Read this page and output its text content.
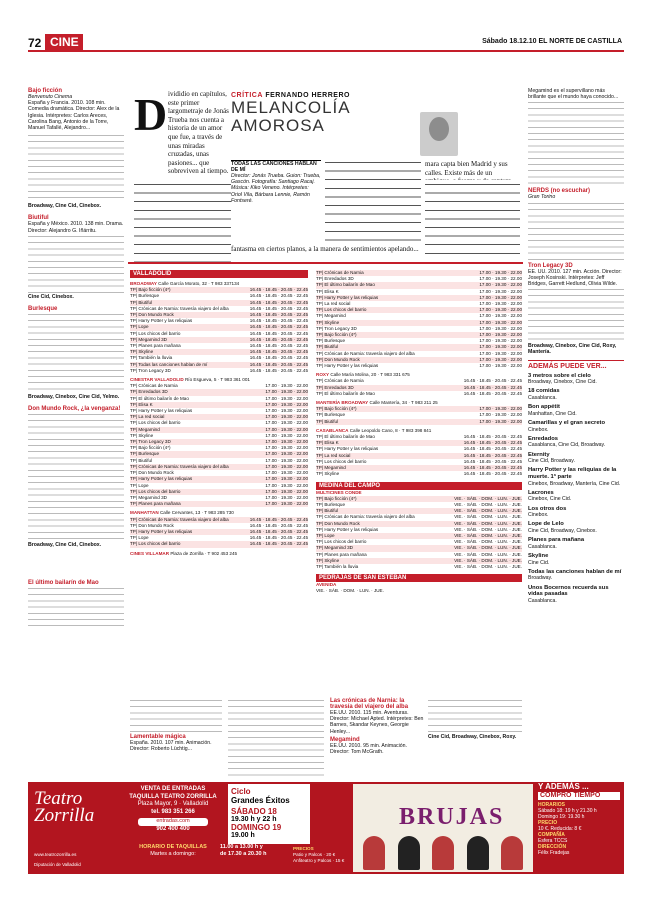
72 CINE	Sábado 18.12.10 EL NORTE DE CASTILLA
Bajo ficción
Benvenuto Cinema
España y Francia. 2010. 108 min. Comedia dramática. Director: Alex de la Iglesia. Intérpretes: Carlos Areces, Carolina Bang, Antonio de la Torre, Manuel Tafallé, Alejandro...
Broadway, Cine Cid, Cinebox.
Biutiful
España y México. 2010. 138 min. Drama. Director: Alejandro G. Iñárritu.
Cine Cid, Cinebox.
Burlesque
Broadway, Cinebox, Cine Cid, Yelmo.
Don Mundo Rock, ¿la venganza!
Broadway, Cine Cid, Cinebox.
El último bailarín de Mao
D ivididio en capítulos, este primer largometraje de Jonás Trueba nos cuenta a historia de un amor que fue, a través de unas miradas cruzadas, unas pasiones... que sobreviven al tiempo.
CRÍTICA FERNANDO HERRERO
MELANCOLÍA
AMOROSA
TODAS LAS CANCIONES HABLAN DE MÍ
Director: Jonás Trueba. Guion: Trueba, Gascón. Fotografía: Santiago Racaj. Música: Kiko Veneno. Intérpretes: Oriol Vila, Bárbara Lennie, Ramón Fontseré.
fantasma en ciertos planos, a la manera de sentimientos apelando...
mara capta bien Madrid y sus calles. Existe más de un
VALLADOLID
BROADWAY Calle García Morato, 32 · T 983 337134
TP| Bajo ficción (4*)	16.45 · 18.45 · 20.45 · 22.45
TP| Burlesque	16.45 · 18.45 · 20.45 · 22.45
TP| Biutiful	16.45 · 18.45 · 20.45 · 22.45
TP| Crónicas de Narnia: travesía viajero del alba	16.45 · 18.45 · 20.45 · 22.45
TP| Don Mundo Rock	16.45 · 18.45 · 20.45 · 22.45
TP| Harry Potter y las reliquias	16.45 · 18.45 · 20.45 · 22.45
TP| Lope	16.45 · 18.45 · 20.45 · 22.45
TP| Los chicos del barrio	16.45 · 18.45 · 20.45 · 22.45
TP| Megamind 3D	16.45 · 18.45 · 20.45 · 22.45
TP| Planes para mañana	16.45 · 18.45 · 20.45 · 22.45
TP| Skyline	16.45 · 18.45 · 20.45 · 22.45
TP| También la lluvia	16.45 · 18.45 · 20.45 · 22.45
TP| Todas las canciones hablan de mí	16.45 · 18.45 · 20.45 · 22.45
TP| Tron Legacy 3D	16.45 · 18.45 · 20.45 · 22.45
CINESTAR VALLADOLID Río Esgueva, 5 · T 983 361 001
TP| Crónicas de Narnia	17.00 · 19.30 · 22.00
TP| Enredados 3D	17.00 · 19.30 · 22.00
TP| El último bailarín de Mao	17.00 · 19.30 · 22.00
TP| Elisa K	17.00 · 19.30 · 22.00
TP| Harry Potter y las reliquias	17.00 · 19.30 · 22.00
TP| La red social	17.00 · 19.30 · 22.00
TP| Los chicos del barrio	17.00 · 19.30 · 22.00
TP| Megamind	17.00 · 19.30 · 22.00
TP| Skyline	17.00 · 19.30 · 22.00
TP| Tron Legacy 3D	17.00 · 19.30 · 22.00
TP| Bajo ficción (4*)	17.00 · 19.30 · 22.00
TP| Burlesque	17.00 · 19.30 · 22.00
TP| Biutiful	17.00 · 19.30 · 22.00
TP| Crónicas de Narnia: travesía viajero del alba	17.00 · 19.30 · 22.00
TP| Don Mundo Rock	17.00 · 19.30 · 22.00
TP| Harry Potter y las reliquias	17.00 · 19.30 · 22.00
TP| Lope	17.00 · 19.30 · 22.00
TP| Los chicos del barrio	17.00 · 19.30 · 22.00
TP| Megamind 3D	17.00 · 19.30 · 22.00
TP| Planes para mañana	17.00 · 19.30 · 22.00
MANHATTAN Calle Cervantes, 13 · T 983 285 730
TP| Crónicas de Narnia: travesía viajero del alba	16.45 · 18.45 · 20.45 · 22.45
TP| Don Mundo Rock	16.45 · 18.45 · 20.45 · 22.45
TP| Harry Potter y las reliquias	16.45 · 18.45 · 20.45 · 22.45
TP| Lope	16.45 · 18.45 · 20.45 · 22.45
TP| Los chicos del barrio	16.45 · 18.45 · 20.45 · 22.45
CINES VILLAMAR Plaza de Zorrilla · T 902 453 245
TP| Crónicas de Narnia	17.00 · 19.30 · 22.00
TP| Enredados 3D	17.00 · 19.30 · 22.00
TP| El último bailarín de Mao	17.00 · 19.30 · 22.00
TP| Elisa K	17.00 · 19.30 · 22.00
TP| Harry Potter y las reliquias	17.00 · 19.30 · 22.00
TP| La red social	17.00 · 19.30 · 22.00
TP| Los chicos del barrio	17.00 · 19.30 · 22.00
TP| Megamind	17.00 · 19.30 · 22.00
TP| Skyline	17.00 · 19.30 · 22.00
TP| Tron Legacy 3D	17.00 · 19.30 · 22.00
TP| Bajo ficción (4*)	17.00 · 19.30 · 22.00
TP| Burlesque	17.00 · 19.30 · 22.00
TP| Biutiful	17.00 · 19.30 · 22.00
TP| Crónicas de Narnia: travesía viajero del alba	17.00 · 19.30 · 22.00
TP| Don Mundo Rock	17.00 · 19.30 · 22.00
TP| Harry Potter y las reliquias	17.00 · 19.30 · 22.00
ROXY Calle María Molina, 20 · T 983 331 675
TP| Crónicas de Narnia	16.45 · 18.45 · 20.45 · 22.45
TP| Enredados 3D	16.45 · 18.45 · 20.45 · 22.45
TP| El último bailarín de Mao	16.45 · 18.45 · 20.45 · 22.45
MANTERÍA BROADWAY Calle Mantería, 34 · T 983 211 25
TP| Bajo ficción (4*)	17.00 · 19.30 · 22.00
TP| Burlesque	17.00 · 19.30 · 22.00
TP| Biutiful	17.00 · 19.30 · 22.00
CASABLANCA Calle Leopoldo Cano, 8 · T 983 398 841
TP| El último bailarín de Mao	16.45 · 18.45 · 20.45 · 22.45
TP| Elisa K	16.45 · 18.45 · 20.45 · 22.45
TP| Harry Potter y las reliquias	16.45 · 18.45 · 20.45 · 22.45
TP| La red social	16.45 · 18.45 · 20.45 · 22.45
TP| Los chicos del barrio	16.45 · 18.45 · 20.45 · 22.45
TP| Megamind	16.45 · 18.45 · 20.45 · 22.45
TP| Skyline	16.45 · 18.45 · 20.45 · 22.45
MEDINA DEL CAMPO
MULTICINES CONDE
TP| Bajo ficción (4*)	VIE. · SÁB. · DOM. · LUN. · JUE.
TP| Burlesque	VIE. · SÁB. · DOM. · LUN. · JUE.
TP| Biutiful	VIE. · SÁB. · DOM. · LUN. · JUE.
TP| Crónicas de Narnia: travesía viajero del alba	VIE. · SÁB. · DOM. · LUN. · JUE.
TP| Don Mundo Rock	VIE. · SÁB. · DOM. · LUN. · JUE.
TP| Harry Potter y las reliquias	VIE. · SÁB. · DOM. · LUN. · JUE.
TP| Lope	VIE. · SÁB. · DOM. · LUN. · JUE.
TP| Los chicos del barrio	VIE. · SÁB. · DOM. · LUN. · JUE.
TP| Megamind 3D	VIE. · SÁB. · DOM. · LUN. · JUE.
TP| Planes para mañana	VIE. · SÁB. · DOM. · LUN. · JUE.
TP| Skyline	VIE. · SÁB. · DOM. · LUN. · JUE.
TP| También la lluvia	VIE. · SÁB. · DOM. · LUN. · JUE.
PEDRAJAS DE SAN ESTEBAN
AVENIDA
VIE. · SÁB. · DOM. · LUN. · JUE.
Lamentable mágica
España. 2010. 107 min. Animación. Director: Roberto Lüchtig...
Las crónicas de Narnia: la travesía del viajero del alba
EE.UU. 2010. 115 min. Aventuras. Director: Michael Apted. Intérpretes: Ben Barnes, Skandar Keynes, Georgie Henley...
Megamind
EE.UU. 2010. 95 min. Animación. Director: Tom McGrath.
Cine Cid, Broadway, Cinebox, Roxy.
Megamind es el supervillano más brillante que el mundo haya conocido...
NERDS (no escuchar)
Gran Torino
Tron Legacy 3D
EE. UU. 2010. 127 min. Acción. Director: Joseph Kosinski. Intérpretes: Jeff Bridges, Garrett Hedlund, Olivia Wilde.
Broadway, Cinebox, Cine Cid, Roxy, Mantería.
ADEMÁS PUEDE VER...
3 metros sobre el cielo
Broadway, Cinebox, Cine Cid.
18 comidas
Casablanca.
Bon appétit
Manhattan, Cine Cid.
Camarillas y el gran secreto
Cinebox.
Enredados
Casablanca, Cine Cid, Broadway.
Eternity
Cine Cid, Broadway.
Harry Potter y las reliquias de la muerte. 1ª parte
Cinebox, Broadway, Mantería, Cine Cid.
Lacrones
Cinebox, Cine Cid.
Los otros dos
Cinebox.
Lope de Lelo
Cine Cid, Broadway, Cinebox.
Planes para mañana
Casablanca.
Skyline
Cine Cid.
Todas las canciones hablan de mí
Broadway.
Unos Bocernos recuerda sus vidas pasadas
Casablanca.
Teatro Zorrilla
www.teatrozorrilla.es
VENTA DE ENTRADAS
TAQUILLA TEATRO ZORRILLA
Plaza Mayor, 9 · Valladolid
tel. 983 351 266
entradas.com
902 400 400
Diputación de Valladolid
HORARIO DE TAQUILLAS
Martes a domingo:
11.00 a 13.00 h y
de 17.30 a 20.30 h
Ciclo
Grandes Éxitos
SÁBADO 18
19.30 h y 22 h
DOMINGO 19
19.00 h
PRECIOS
Patio y Palcos · 20 €
Anfiteatro y Palcos · 15 €
BRUJAS
Y ADEMÁS ...
COMPRO TIEMPO
HORARIOS
Sábado 18: 19 h y 21.30 h
Domingo 19: 19.30 h
PRECIO
10 €. Reducida: 8 €
COMPAÑÍA
Esfera TCCS
DIRECCIÓN
Félix Fradejas
